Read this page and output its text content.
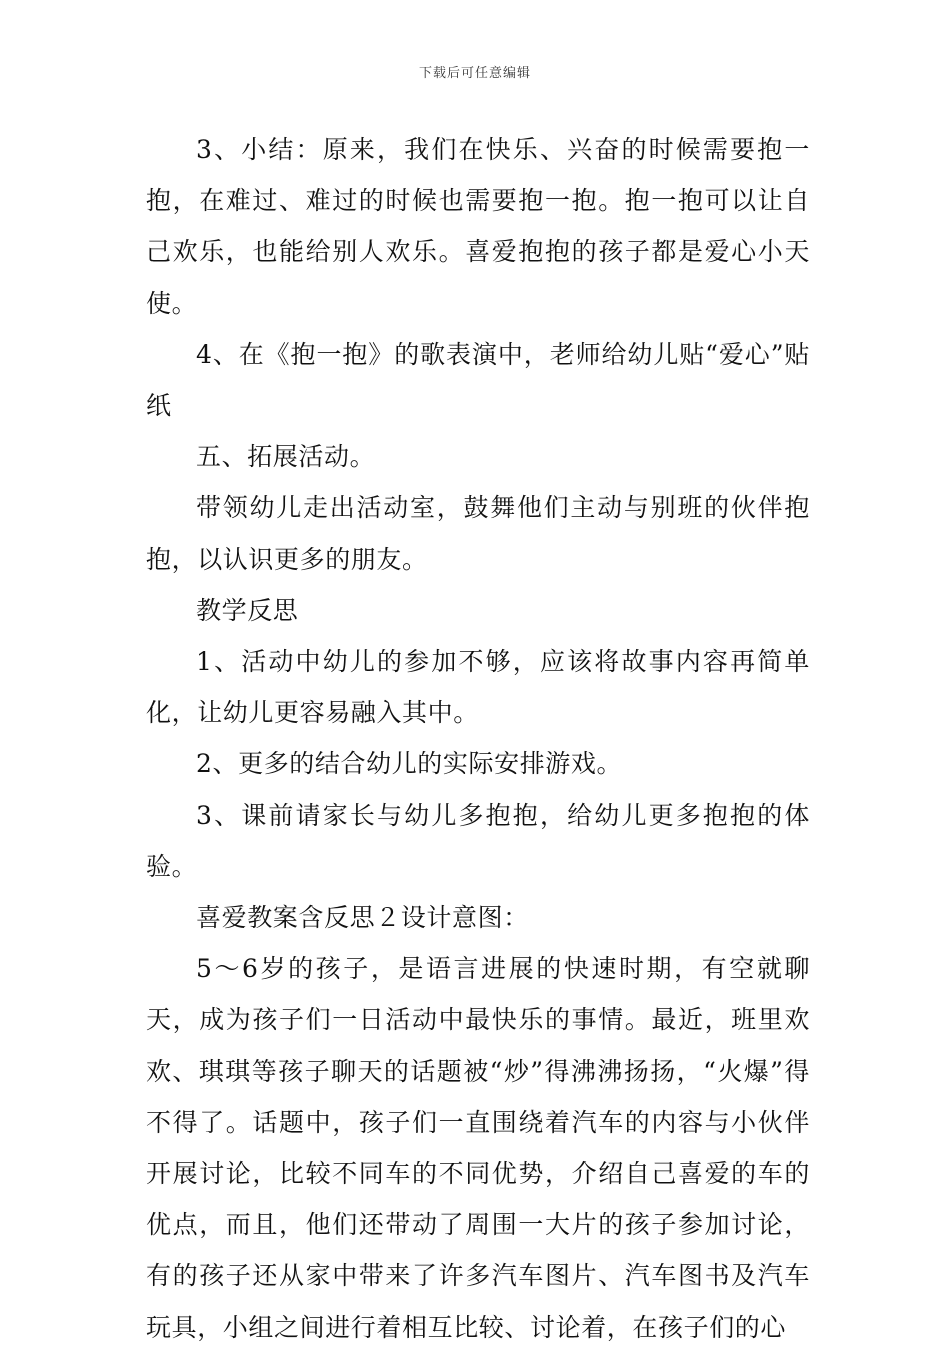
下载后可任意编辑

3、小结：原来，我们在快乐、兴奋的时候需要抱一抱，在难过、难过的时候也需要抱一抱。抱一抱可以让自己欢乐，也能给别人欢乐。喜爱抱抱的孩子都是爱心小天使。

4、在《抱一抱》的歌表演中，老师给幼儿贴“爱心”贴纸

五、拓展活动。

带领幼儿走出活动室，鼓舞他们主动与别班的伙伴抱抱，以认识更多的朋友。

教学反思

1、活动中幼儿的参加不够，应该将故事内容再简单化，让幼儿更容易融入其中。

2、更多的结合幼儿的实际安排游戏。

3、课前请家长与幼儿多抱抱，给幼儿更多抱抱的体验。

喜爱教案含反思２设计意图：

5～6岁的孩子，是语言进展的快速时期，有空就聊天，成为孩子们一日活动中最快乐的事情。最近，班里欢欢、琪琪等孩子聊天的话题被“炒”得沸沸扬扬，“火爆”得不得了。话题中，孩子们一直围绕着汽车的内容与小伙伴开展讨论，比较不同车的不同优势，介绍自己喜爱的车的优点，而且，他们还带动了周围一大片的孩子参加讨论，有的孩子还从家中带来了许多汽车图片、汽车图书及汽车玩具，小组之间进行着相互比较、讨论着，在孩子们的心
